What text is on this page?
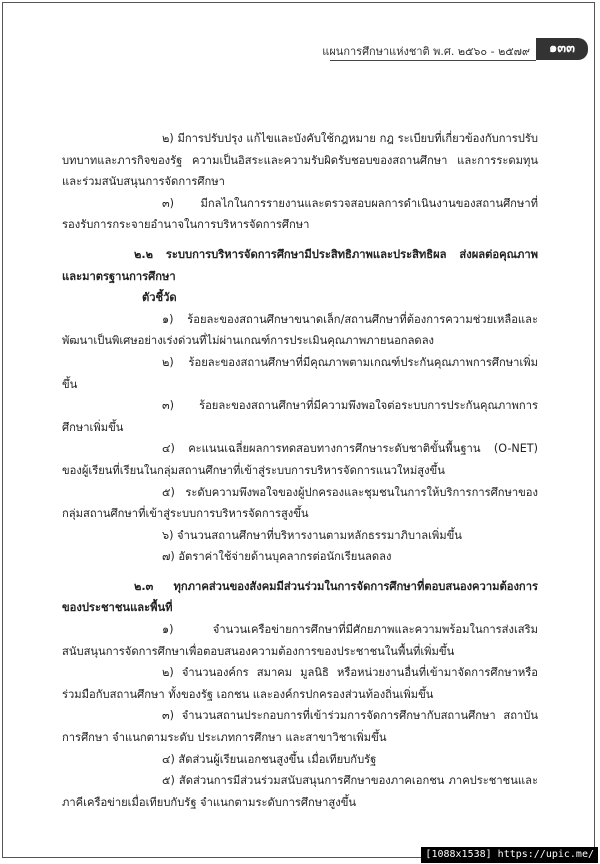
แผนการศึกษาแห่งชาติ พ.ศ. ๒๕๖๐ - ๒๕๗๙	๑๓๓

๒) มีการปรับปรุง แก้ไขและบังคับใช้กฎหมาย กฎ ระเบียบที่เกี่ยวข้องกับการปรับบทบาทและภารกิจของรัฐ ความเป็นอิสระและความรับผิดรับชอบของสถานศึกษา และการระดมทุนและร่วมสนับสนุนการจัดการศึกษา

๓) มีกลไกในการรายงานและตรวจสอบผลการดำเนินงานของสถานศึกษาที่รองรับการกระจายอำนาจในการบริหารจัดการศึกษา

๒.๒ ระบบการบริหารจัดการศึกษามีประสิทธิภาพและประสิทธิผล ส่งผลต่อคุณภาพและมาตรฐานการศึกษา

ตัวชี้วัด

๑) ร้อยละของสถานศึกษาขนาดเล็ก/สถานศึกษาที่ต้องการความช่วยเหลือและพัฒนาเป็นพิเศษอย่างเร่งด่วนที่ไม่ผ่านเกณฑ์การประเมินคุณภาพภายนอกลดลง

๒) ร้อยละของสถานศึกษาที่มีคุณภาพตามเกณฑ์ประกันคุณภาพการศึกษาเพิ่มขึ้น

๓) ร้อยละของสถานศึกษาที่มีความพึงพอใจต่อระบบการประกันคุณภาพการศึกษาเพิ่มขึ้น

๔) คะแนนเฉลี่ยผลการทดสอบทางการศึกษาระดับชาติขั้นพื้นฐาน (O-NET) ของผู้เรียนที่เรียนในกลุ่มสถานศึกษาที่เข้าสู่ระบบการบริหารจัดการแนวใหม่สูงขึ้น

๕) ระดับความพึงพอใจของผู้ปกครองและชุมชนในการให้บริการการศึกษาของกลุ่มสถานศึกษาที่เข้าสู่ระบบการบริหารจัดการสูงขึ้น

๖) จำนวนสถานศึกษาที่บริหารงานตามหลักธรรมาภิบาลเพิ่มขึ้น

๗) อัตราค่าใช้จ่ายด้านบุคลากรต่อนักเรียนลดลง

๒.๓ ทุกภาคส่วนของสังคมมีส่วนร่วมในการจัดการศึกษาที่ตอบสนองความต้องการของประชาชนและพื้นที่

๑) จำนวนเครือข่ายการศึกษาที่มีศักยภาพและความพร้อมในการส่งเสริมสนับสนุนการจัดการศึกษาเพื่อตอบสนองความต้องการของประชาชนในพื้นที่เพิ่มขึ้น

๒) จำนวนองค์กร สมาคม มูลนิธิ หรือหน่วยงานอื่นที่เข้ามาจัดการศึกษาหรือร่วมมือกับสถานศึกษา ทั้งของรัฐ เอกชน และองค์กรปกครองส่วนท้องถิ่นเพิ่มขึ้น

๓) จำนวนสถานประกอบการที่เข้าร่วมการจัดการศึกษากับสถานศึกษา สถาบันการศึกษา จำแนกตามระดับ ประเภทการศึกษา และสาขาวิชาเพิ่มขึ้น

๔) สัดส่วนผู้เรียนเอกชนสูงขึ้น เมื่อเทียบกับรัฐ

๕) สัดส่วนการมีส่วนร่วมสนับสนุนการศึกษาของภาคเอกชน ภาคประชาชนและภาคีเครือข่ายเมื่อเทียบกับรัฐ จำแนกตามระดับการศึกษาสูงขึ้น

[1088x1538] https://upic.me/
